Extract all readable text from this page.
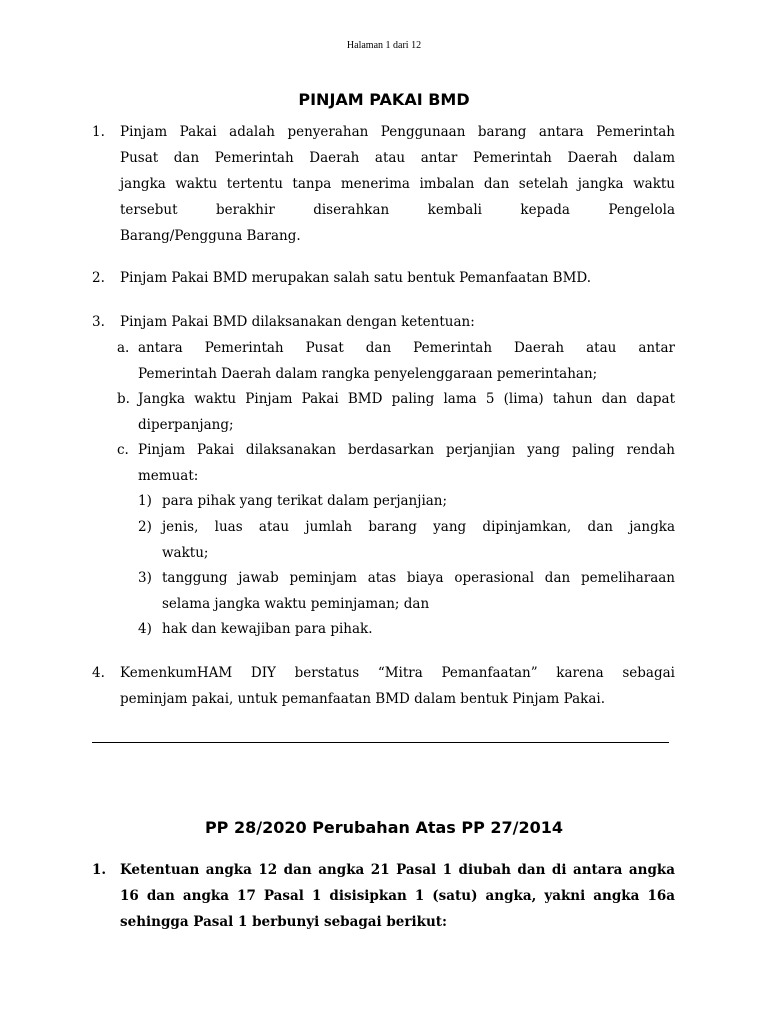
Halaman 1 dari 12
PINJAM PAKAI BMD
1. Pinjam Pakai adalah penyerahan Penggunaan barang antara Pemerintah
Pusat dan Pemerintah Daerah atau antar Pemerintah Daerah dalam
jangka waktu tertentu tanpa menerima imbalan dan setelah jangka waktu
tersebut berakhir diserahkan kembali kepada Pengelola
Barang/Pengguna Barang.
2. Pinjam Pakai BMD merupakan salah satu bentuk Pemanfaatan BMD.
3. Pinjam Pakai BMD dilaksanakan dengan ketentuan:
a. antara Pemerintah Pusat dan Pemerintah Daerah atau antar
Pemerintah Daerah dalam rangka penyelenggaraan pemerintahan;
b. Jangka waktu Pinjam Pakai BMD paling lama 5 (lima) tahun dan dapat
diperpanjang;
c. Pinjam Pakai dilaksanakan berdasarkan perjanjian yang paling rendah
memuat:
1) para pihak yang terikat dalam perjanjian;
2) jenis, luas atau jumlah barang yang dipinjamkan, dan jangka
waktu;
3) tanggung jawab peminjam atas biaya operasional dan pemeliharaan
selama jangka waktu peminjaman; dan
4) hak dan kewajiban para pihak.
4. KemenkumHAM DIY berstatus “Mitra Pemanfaatan” karena sebagai
peminjam pakai, untuk pemanfaatan BMD dalam bentuk Pinjam Pakai.
PP 28/2020 Perubahan Atas PP 27/2014
1. Ketentuan angka 12 dan angka 21 Pasal 1 diubah dan di antara angka
16 dan angka 17 Pasal 1 disisipkan 1 (satu) angka, yakni angka 16a
sehingga Pasal 1 berbunyi sebagai berikut:
